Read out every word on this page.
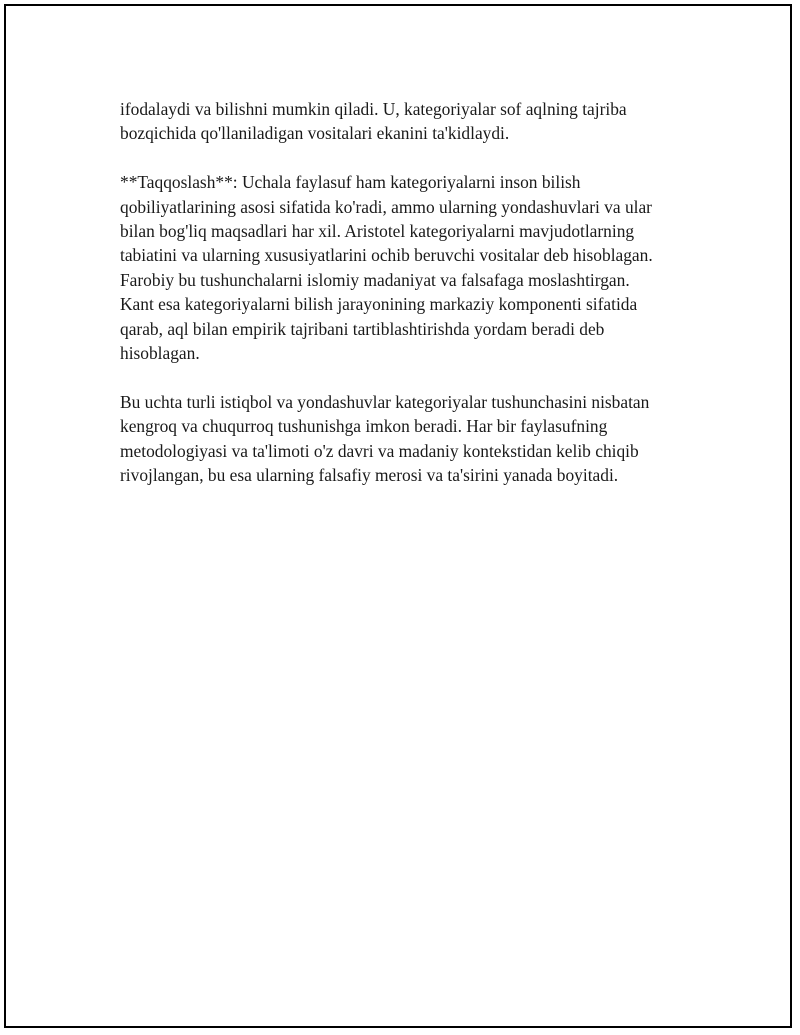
ifodalaydi va bilishni mumkin qiladi. U, kategoriyalar sof aqlning tajriba
bozqichida qo'llaniladigan vositalari ekanini ta'kidlaydi.

**Taqqoslash**: Uchala faylasuf ham kategoriyalarni inson bilish
qobiliyatlarining asosi sifatida ko'radi, ammo ularning yondashuvlari va ular
bilan bog'liq maqsadlari har xil. Aristotel kategoriyalarni mavjudotlarning
tabiatini va ularning xususiyatlarini ochib beruvchi vositalar deb hisoblagan.
Farobiy bu tushunchalarni islomiy madaniyat va falsafaga moslashtirgan.
Kant esa kategoriyalarni bilish jarayonining markaziy komponenti sifatida
qarab, aql bilan empirik tajribani tartiblashtirishda yordam beradi deb
hisoblagan.

Bu uchta turli istiqbol va yondashuvlar kategoriyalar tushunchasini nisbatan
kengroq va chuqurroq tushunishga imkon beradi. Har bir faylasufning
metodologiyasi va ta'limoti o'z davri va madaniy kontekstidan kelib chiqib
rivojlangan, bu esa ularning falsafiy merosi va ta'sirini yanada boyitadi.
